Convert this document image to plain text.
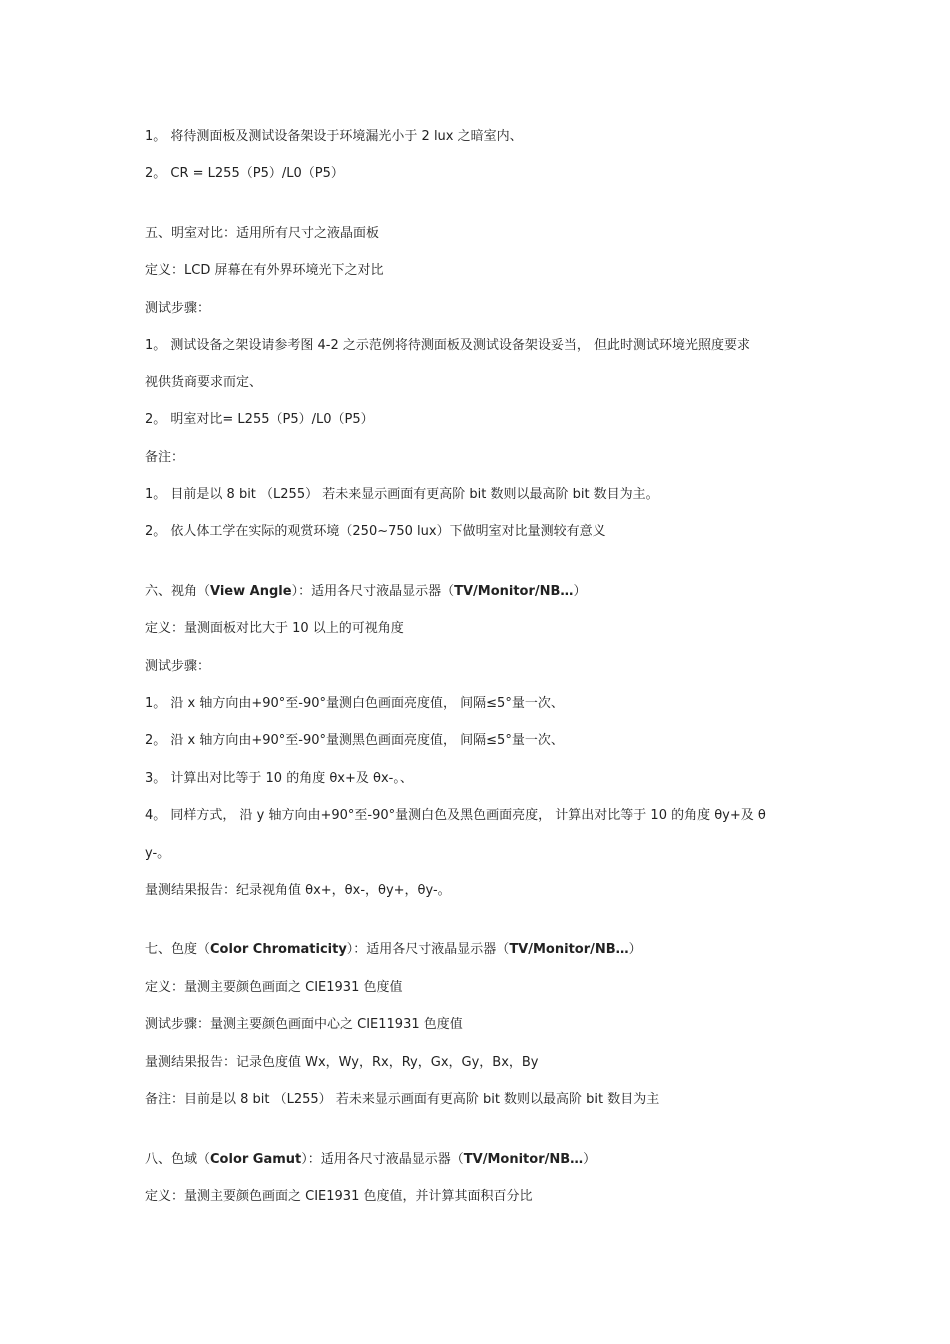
1。 将待测面板及测试设备架设于环境漏光小于 2 lux 之暗室内、
2。 CR = L255（P5）/L0（P5）
五、明室对比：适用所有尺寸之液晶面板
定义：LCD 屏幕在有外界环境光下之对比
测试步骤：
1。 测试设备之架设请参考图 4-2 之示范例将待测面板及测试设备架设妥当， 但此时测试环境光照度要求
视供货商要求而定、
2。 明室对比= L255（P5）/L0（P5）
备注：
1。 目前是以 8 bit （L255） 若未来显示画面有更高阶 bit 数则以最高阶 bit 数目为主。
2。 依人体工学在实际的观赏环境（250~750 lux）下做明室对比量测较有意义
六、视角（View Angle）：适用各尺寸液晶显示器（TV/Monitor/NB…）
定义：量测面板对比大于 10 以上的可视角度
测试步骤：
1。 沿 x 轴方向由+90°至-90°量测白色画面亮度值， 间隔≤5°量一次、
2。 沿 x 轴方向由+90°至-90°量测黑色画面亮度值， 间隔≤5°量一次、
3。 计算出对比等于 10 的角度 θx+及 θx-。、
4。 同样方式， 沿 y 轴方向由+90°至-90°量测白色及黑色画面亮度， 计算出对比等于 10 的角度 θy+及 θ
y-。
量测结果报告：纪录视角值 θx+，θx-，θy+，θy-。
七、色度（Color Chromaticity）：适用各尺寸液晶显示器（TV/Monitor/NB…）
定义：量测主要颜色画面之 CIE1931 色度值
测试步骤：量测主要颜色画面中心之 CIE11931 色度值
量测结果报告：记录色度值 Wx，Wy，Rx，Ry，Gx，Gy，Bx，By
备注：目前是以 8 bit （L255） 若未来显示画面有更高阶 bit 数则以最高阶 bit 数目为主
八、色域（Color Gamut）：适用各尺寸液晶显示器（TV/Monitor/NB…）
定义：量测主要颜色画面之 CIE1931 色度值，并计算其面积百分比
